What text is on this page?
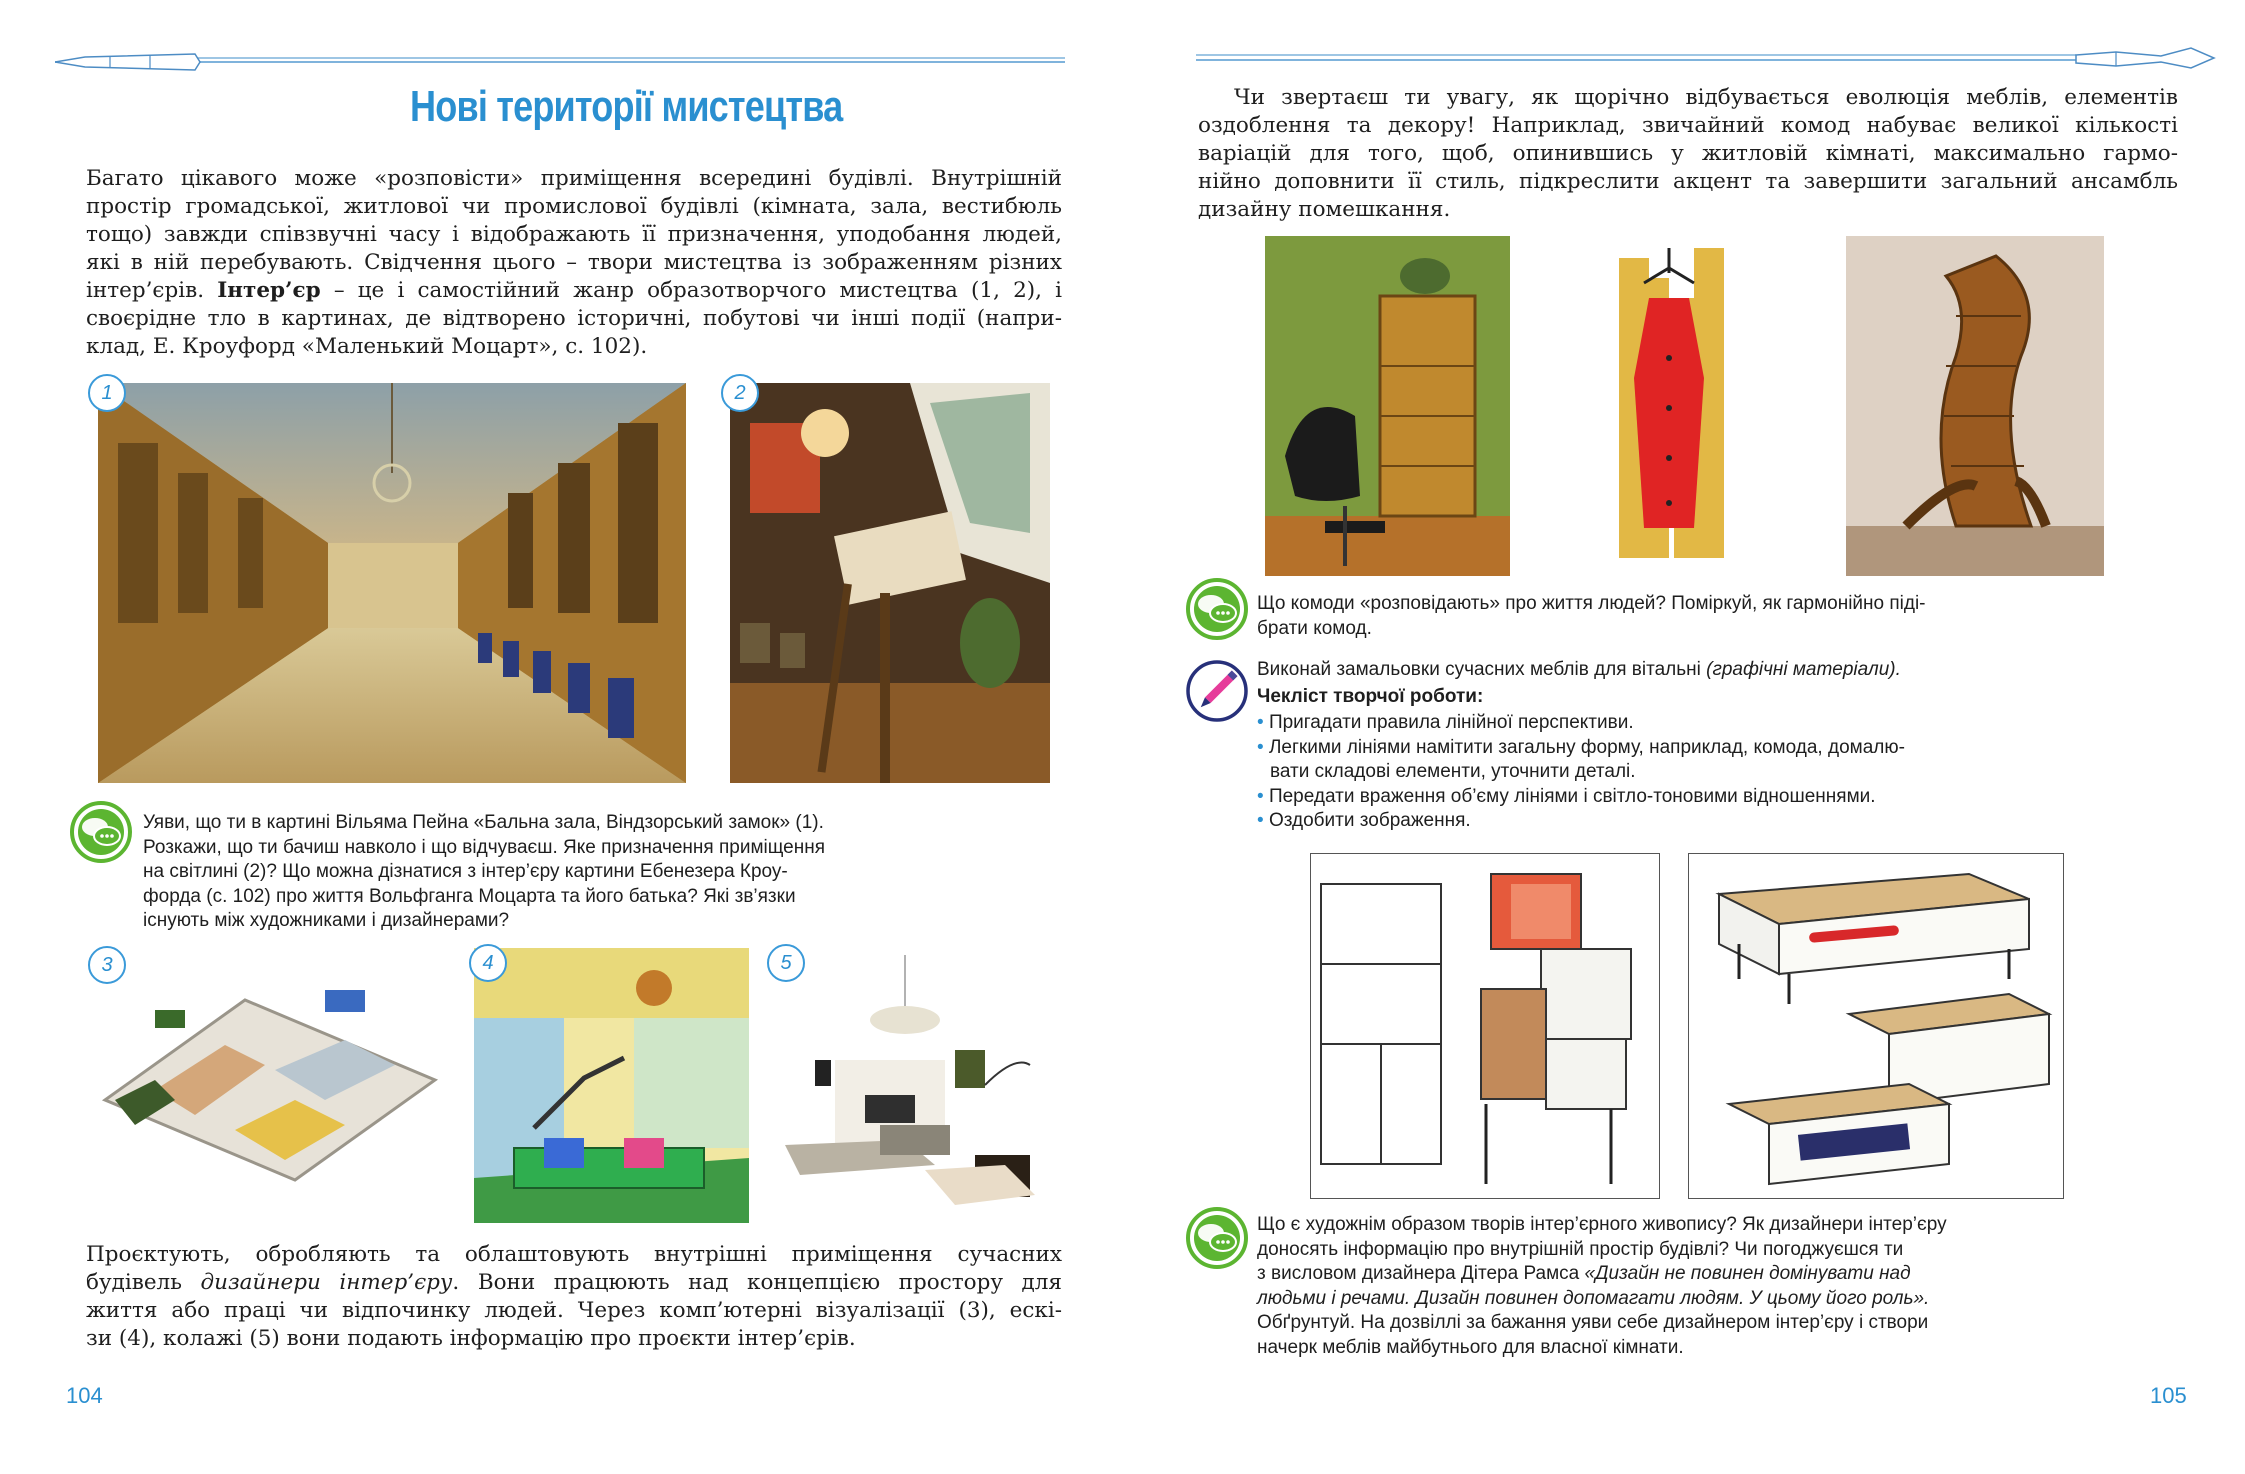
Нові території мистецтва
Багато цікавого може «розповісти» приміщення всередині будівлі. Внутрішній
простір громадської, житлової чи промислової будівлі (кімната, зала, вестибюль
тощо) завжди співзвучні часу і відображають її призначення, уподобання людей,
які в ній перебувають. Свідчення цього – твори мистецтва із зображенням різних
інтер’єрів. Інтер’єр – це і самостійний жанр образотворчого мистецтва (1, 2), і
своєрідне тло в картинах, де відтворено історичні, побутові чи інші події (напри-
клад, Е. Кроуфорд «Маленький Моцарт», с. 102).
1	2
Уяви, що ти в картині Вільяма Пейна «Бальна зала, Віндзорський замок» (1).
Розкажи, що ти бачиш навколо і що відчуваєш. Яке призначення приміщення
на світлині (2)? Що можна дізнатися з інтер’єру картини Ебенезера Кроу-
форда (с. 102) про життя Вольфганга Моцарта та його батька? Які зв’язки
існують між художниками і дизайнерами?
3	4	5
Проєктують, обробляють та облаштовують внутрішні приміщення сучасних
будівель дизайнери інтер’єру. Вони працюють над концепцією простору для
життя або праці чи відпочинку людей. Через комп’ютерні візуалізації (3), ескі-
зи (4), колажі (5) вони подають інформацію про проєкти інтер’єрів.
104
Чи звертаєш ти увагу, як щорічно відбувається еволюція меблів, елементів
оздоблення та декору! Наприклад, звичайний комод набуває великої кількості
варіацій для того, щоб, опинившись у житловій кімнаті, максимально гармо-
нійно доповнити її стиль, підкреслити акцент та завершити загальний ансамбль
дизайну помешкання.
Що комоди «розповідають» про життя людей? Поміркуй, як гармонійно піді-
брати комод.
Виконай замальовки сучасних меблів для вітальні (графічні матеріали).
Чекліст творчої роботи:
• Пригадати правила лінійної перспективи.
• Легкими лініями намітити загальну форму, наприклад, комода, домалю-
вати складові елементи, уточнити деталі.
• Передати враження об’єму лініями і світло-тоновими відношеннями.
• Оздобити зображення.
Що є художнім образом творів інтер’єрного живопису? Як дизайнери інтер’єру
доносять інформацію про внутрішній простір будівлі? Чи погоджуєшся ти
з висловом дизайнера Дітера Рамса «Дизайн не повинен домінувати над
людьми і речами. Дизайн повинен допомагати людям. У цьому його роль».
Обґрунтуй. На дозвіллі за бажання уяви себе дизайнером інтер’єру і створи
начерк меблів майбутнього для власної кімнати.
105
